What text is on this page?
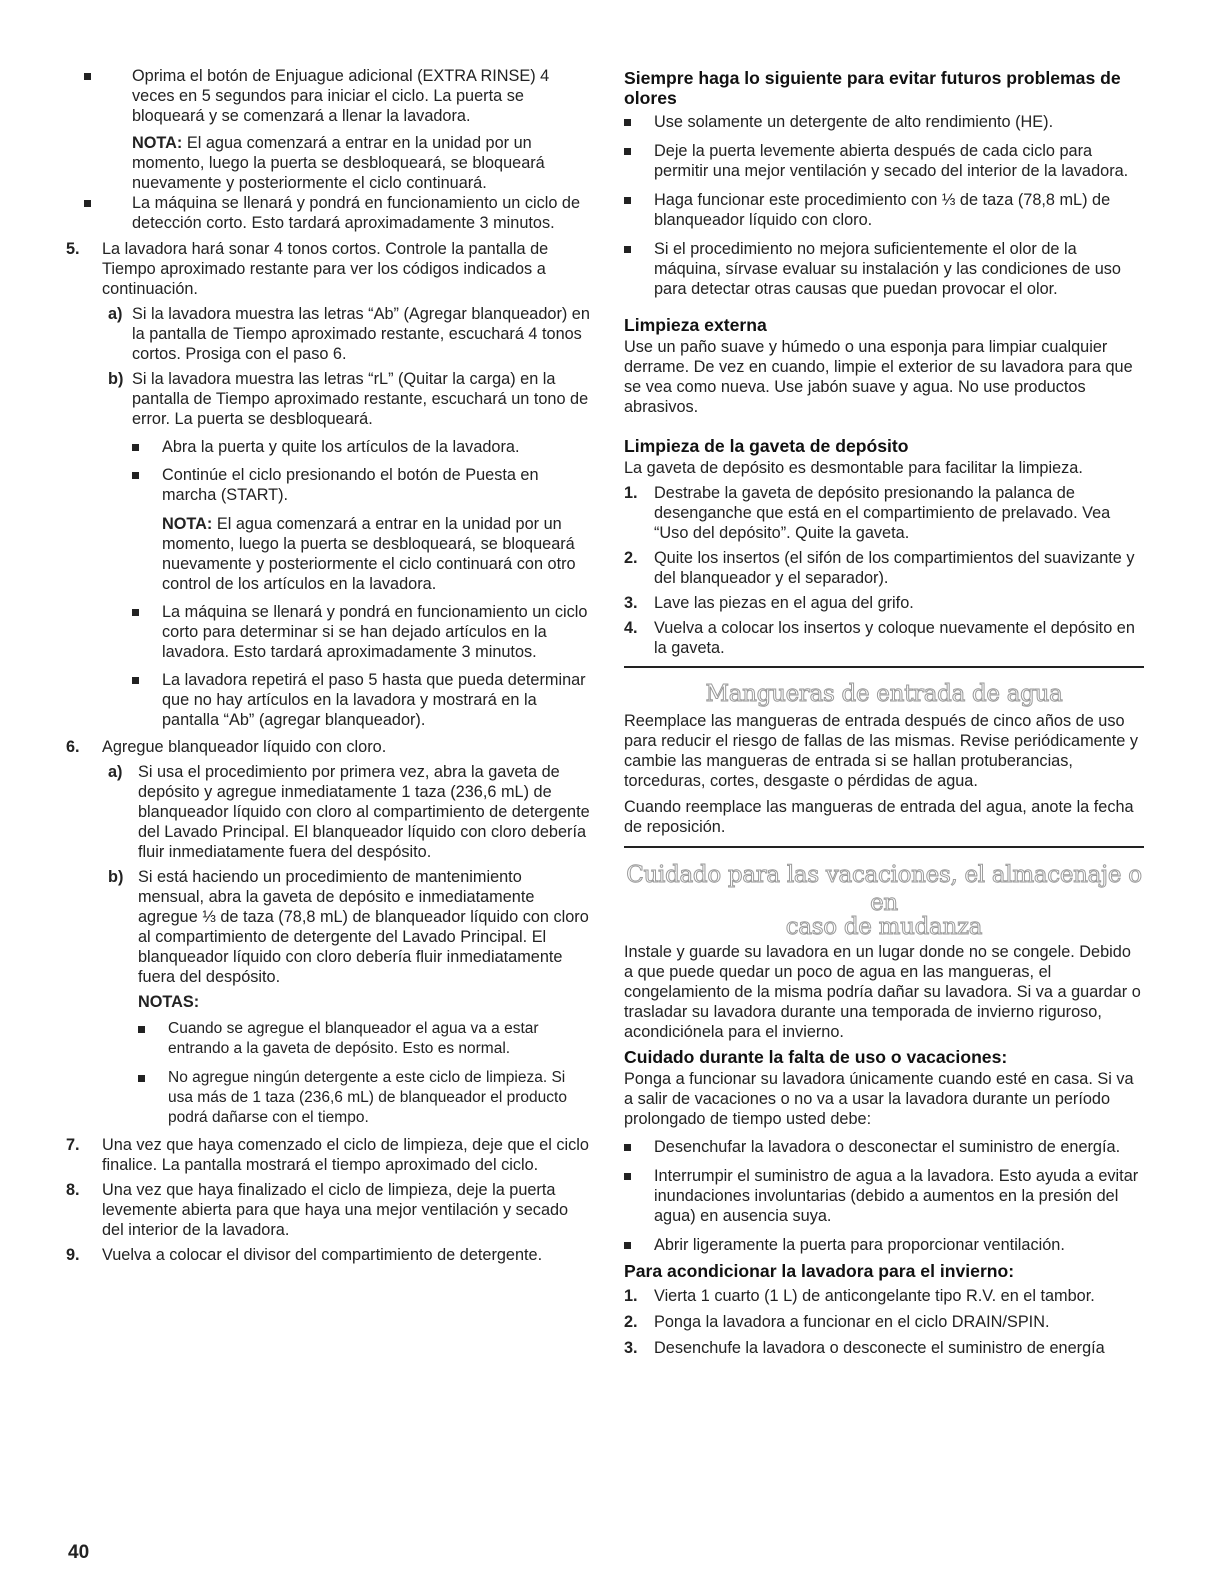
Oprima el botón de Enjuague adicional (EXTRA RINSE) 4 veces en 5 segundos para iniciar el ciclo. La puerta se bloqueará y se comenzará a llenar la lavadora.

NOTA: El agua comenzará a entrar en la unidad por un momento, luego la puerta se desbloqueará, se bloqueará nuevamente y posteriormente el ciclo continuará.

La máquina se llenará y pondrá en funcionamiento un ciclo de detección corto. Esto tardará aproximadamente 3 minutos.

5. La lavadora hará sonar 4 tonos cortos. Controle la pantalla de Tiempo aproximado restante para ver los códigos indicados a continuación.

a) Si la lavadora muestra las letras “Ab” (Agregar blanqueador) en la pantalla de Tiempo aproximado restante, escuchará 4 tonos cortos. Prosiga con el paso 6.

b) Si la lavadora muestra las letras “rL” (Quitar la carga) en la pantalla de Tiempo aproximado restante, escuchará un tono de error. La puerta se desbloqueará.

Abra la puerta y quite los artículos de la lavadora.

Continúe el ciclo presionando el botón de Puesta en marcha (START).

NOTA: El agua comenzará a entrar en la unidad por un momento, luego la puerta se desbloqueará, se bloqueará nuevamente y posteriormente el ciclo continuará con otro control de los artículos en la lavadora.

La máquina se llenará y pondrá en funcionamiento un ciclo corto para determinar si se han dejado artículos en la lavadora. Esto tardará aproximadamente 3 minutos.

La lavadora repetirá el paso 5 hasta que pueda determinar que no hay artículos en la lavadora y mostrará en la pantalla “Ab” (agregar blanqueador).

6. Agregue blanqueador líquido con cloro.

a) Si usa el procedimiento por primera vez, abra la gaveta de depósito y agregue inmediatamente 1 taza (236,6 mL) de blanqueador líquido con cloro al compartimiento de detergente del Lavado Principal. El blanqueador líquido con cloro debería fluir inmediatamente fuera del despósito.

b) Si está haciendo un procedimiento de mantenimiento mensual, abra la gaveta de depósito e inmediatamente agregue ⅓ de taza (78,8 mL) de blanqueador líquido con cloro al compartimiento de detergente del Lavado Principal. El blanqueador líquido con cloro debería fluir inmediatamente fuera del despósito.

NOTAS:

Cuando se agregue el blanqueador el agua va a estar entrando a la gaveta de depósito. Esto es normal.

No agregue ningún detergente a este ciclo de limpieza. Si usa más de 1 taza (236,6 mL) de blanqueador el producto podrá dañarse con el tiempo.

7. Una vez que haya comenzado el ciclo de limpieza, deje que el ciclo finalice. La pantalla mostrará el tiempo aproximado del ciclo.

8. Una vez que haya finalizado el ciclo de limpieza, deje la puerta levemente abierta para que haya una mejor ventilación y secado del interior de la lavadora.

9. Vuelva a colocar el divisor del compartimiento de detergente.

Siempre haga lo siguiente para evitar futuros problemas de olores

Use solamente un detergente de alto rendimiento (HE).

Deje la puerta levemente abierta después de cada ciclo para permitir una mejor ventilación y secado del interior de la lavadora.

Haga funcionar este procedimiento con ⅓ de taza (78,8 mL) de blanqueador líquido con cloro.

Si el procedimiento no mejora suficientemente el olor de la máquina, sírvase evaluar su instalación y las condiciones de uso para detectar otras causas que puedan provocar el olor.

Limpieza externa

Use un paño suave y húmedo o una esponja para limpiar cualquier derrame. De vez en cuando, limpie el exterior de su lavadora para que se vea como nueva. Use jabón suave y agua. No use productos abrasivos.

Limpieza de la gaveta de depósito

La gaveta de depósito es desmontable para facilitar la limpieza.

1. Destrabe la gaveta de depósito presionando la palanca de desenganche que está en el compartimiento de prelavado. Vea “Uso del depósito”. Quite la gaveta.

2. Quite los insertos (el sifón de los compartimientos del suavizante y del blanqueador y el separador).

3. Lave las piezas en el agua del grifo.

4. Vuelva a colocar los insertos y coloque nuevamente el depósito en la gaveta.

Mangueras de entrada de agua

Reemplace las mangueras de entrada después de cinco años de uso para reducir el riesgo de fallas de las mismas. Revise periódicamente y cambie las mangueras de entrada si se hallan protuberancias, torceduras, cortes, desgaste o pérdidas de agua.

Cuando reemplace las mangueras de entrada del agua, anote la fecha de reposición.

Cuidado para las vacaciones, el almacenaje o en

caso de mudanza

Instale y guarde su lavadora en un lugar donde no se congele. Debido a que puede quedar un poco de agua en las mangueras, el congelamiento de la misma podría dañar su lavadora. Si va a guardar o trasladar su lavadora durante una temporada de invierno riguroso, acondiciónela para el invierno.

Cuidado durante la falta de uso o vacaciones:

Ponga a funcionar su lavadora únicamente cuando esté en casa. Si va a salir de vacaciones o no va a usar la lavadora durante un período prolongado de tiempo usted debe:

Desenchufar la lavadora o desconectar el suministro de energía.

Interrumpir el suministro de agua a la lavadora. Esto ayuda a evitar inundaciones involuntarias (debido a aumentos en la presión del agua) en ausencia suya.

Abrir ligeramente la puerta para proporcionar ventilación.

Para acondicionar la lavadora para el invierno:

1. Vierta 1 cuarto (1 L) de anticongelante tipo R.V. en el tambor.

2. Ponga la lavadora a funcionar en el ciclo DRAIN/SPIN.

3. Desenchufe la lavadora o desconecte el suministro de energía

40
